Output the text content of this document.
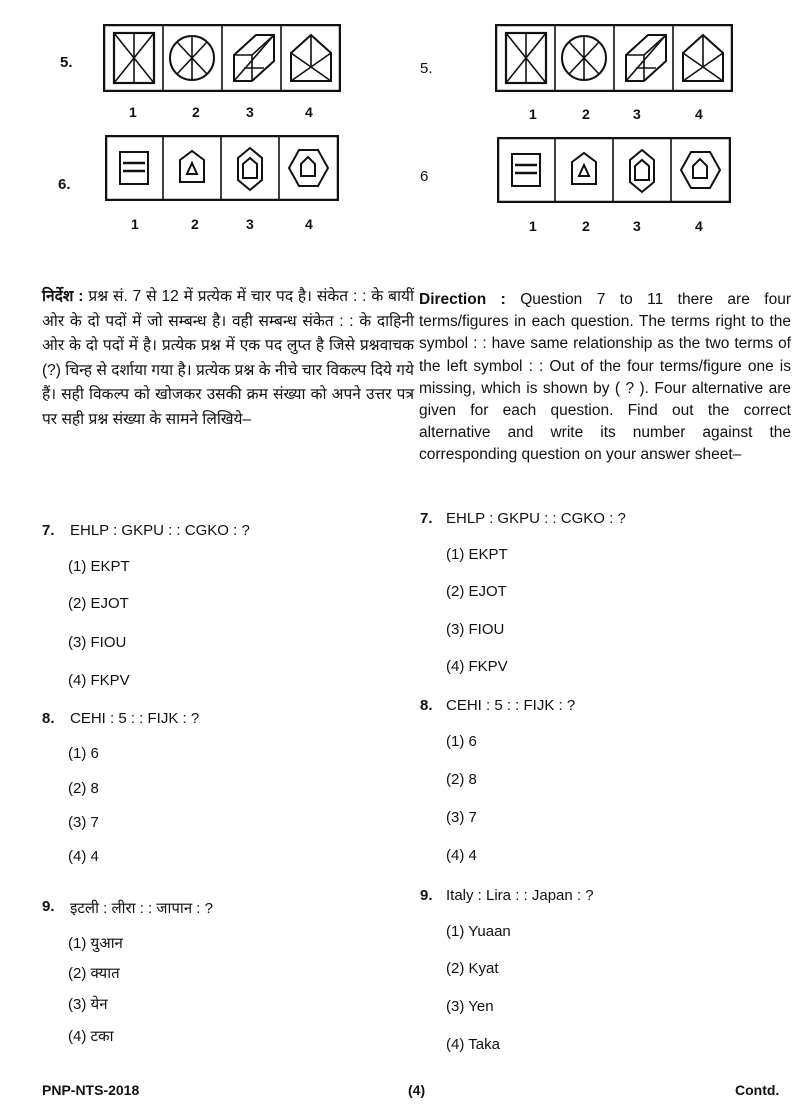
5.
1	2	3	4
6.
1	2	3	4
5.
1	2	3	4
6
1	2	3	4
निर्देश : प्रश्न सं. 7 से 12 में प्रत्येक में चार पद है। संकेत : : के बायीं ओर के दो पदों में जो सम्बन्ध है। वही सम्बन्ध संकेत : : के दाहिनी ओर के दो पदों में है। प्रत्येक प्रश्न में एक पद लुप्त है जिसे प्रश्नवाचक (?) चिन्ह से दर्शाया गया है। प्रत्येक प्रश्न के नीचे चार विकल्प दिये गये हैं। सही विकल्प को खोजकर उसकी क्रम संख्या को अपने उत्तर पत्र पर सही प्रश्न संख्या के सामने लिखिये–
Direction : Question 7 to 11 there are four terms/figures in each question. The terms right to the symbol : : have same relationship as the two terms of the left symbol : : Out of the four terms/figure one is missing, which is shown by ( ? ). Four alternative are given for each question. Find out the correct alternative and write its number against the corresponding question on your answer sheet–
7. EHLP : GKPU : : CGKO : ?
(1) EKPT
(2) EJOT
(3) FIOU
(4) FKPV
8. CEHI : 5 : : FIJK : ?
(1) 6
(2) 8
(3) 7
(4) 4
9. इटली : लीरा : : जापान : ?
(1) युआन
(2) क्यात
(3) येन
(4) टका
7. EHLP : GKPU : : CGKO : ?
(1) EKPT
(2) EJOT
(3) FIOU
(4) FKPV
8. CEHI : 5 : : FIJK : ?
(1) 6
(2) 8
(3) 7
(4) 4
9. Italy : Lira : : Japan : ?
(1) Yuaan
(2) Kyat
(3) Yen
(4) Taka
PNP-NTS-2018	(4)	Contd.
